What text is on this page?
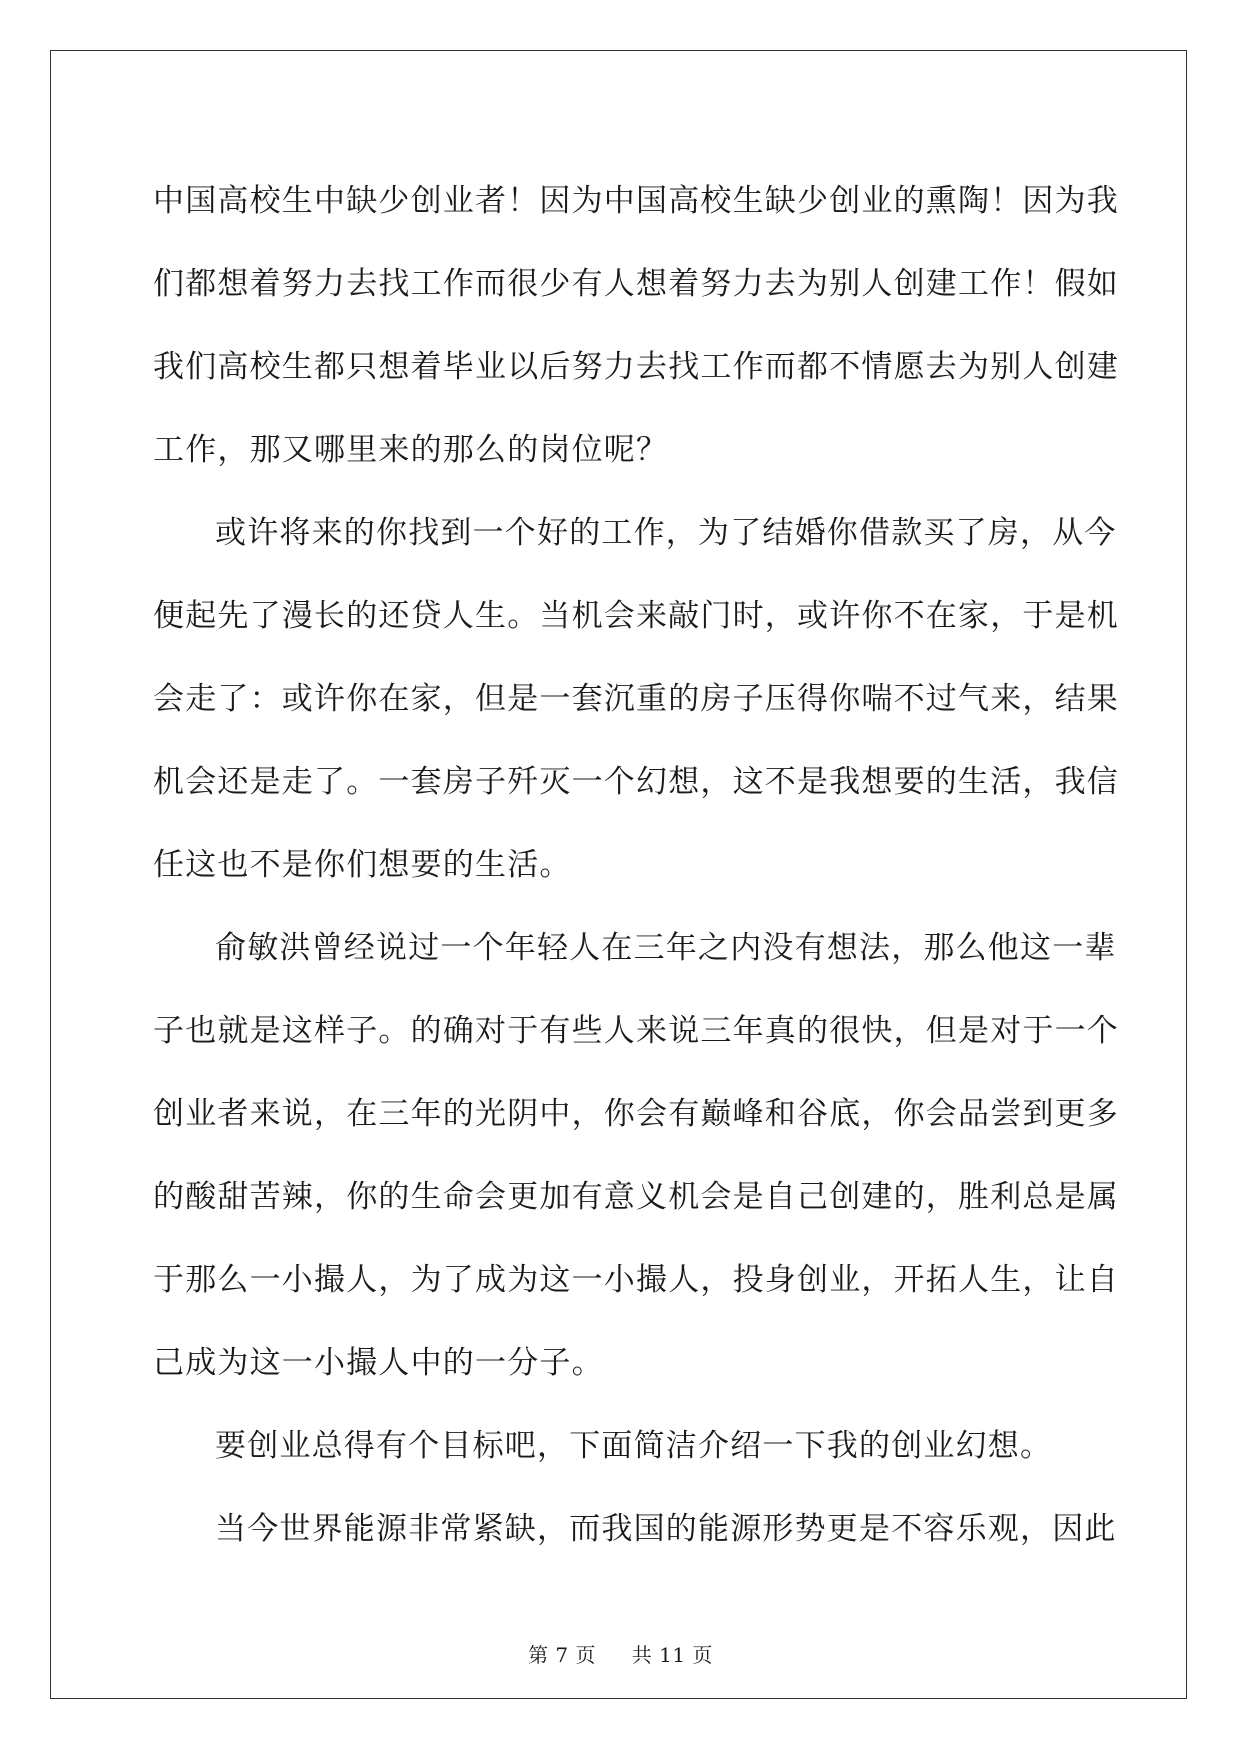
中国高校生中缺少创业者！因为中国高校生缺少创业的熏陶！因为我
们都想着努力去找工作而很少有人想着努力去为别人创建工作！假如
我们高校生都只想着毕业以后努力去找工作而都不情愿去为别人创建
工作，那又哪里来的那么的岗位呢？
或许将来的你找到一个好的工作，为了结婚你借款买了房，从今
便起先了漫长的还贷人生。当机会来敲门时，或许你不在家，于是机
会走了：或许你在家，但是一套沉重的房子压得你喘不过气来，结果
机会还是走了。一套房子歼灭一个幻想，这不是我想要的生活，我信
任这也不是你们想要的生活。
俞敏洪曾经说过一个年轻人在三年之内没有想法，那么他这一辈
子也就是这样子。的确对于有些人来说三年真的很快，但是对于一个
创业者来说，在三年的光阴中，你会有巅峰和谷底，你会品尝到更多
的酸甜苦辣，你的生命会更加有意义机会是自己创建的，胜利总是属
于那么一小撮人，为了成为这一小撮人，投身创业，开拓人生，让自
己成为这一小撮人中的一分子。
要创业总得有个目标吧，下面简洁介绍一下我的创业幻想。
当今世界能源非常紧缺，而我国的能源形势更是不容乐观，因此
第 7 页 共 11 页
